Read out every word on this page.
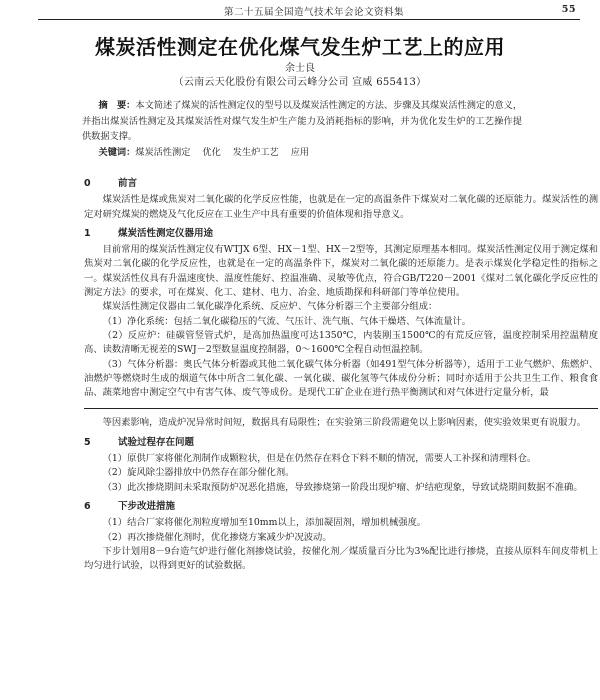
第二十五届全国造气技术年会论文资料集	55
煤炭活性测定在优化煤气发生炉工艺上的应用
余士良
（云南云天化股份有限公司云峰分公司 宣威 655413）
摘　要：本文简述了煤炭的活性测定仪的型号以及煤炭活性测定的方法、步骤及其煤炭活性测定的意义，并指出煤炭活性测定及其煤炭活性对煤气发生炉生产能力及消耗指标的影响，并为优化发生炉的工艺操作提供数据支撑。
关键词：煤炭活性测定 优化 发生炉工艺 应用
0	前言

煤炭活性是煤或焦炭对二氧化碳的化学反应性能，也就是在一定的高温条件下煤炭对二氧化碳的还原能力。煤炭活性的测定对研究煤炭的燃烧及气化反应在工业生产中具有重要的价值体现和指导意义。

1	煤炭活性测定仪器用途

目前常用的煤炭活性测定仪有WTJX 6型、HX－1型、HX－2型等，其测定原理基本相同。煤炭活性测定仪用于测定煤和焦炭对二氧化碳的化学反应性，也就是在一定的高温条件下，煤炭对二氧化碳的还原能力。是表示煤炭化学稳定性的指标之一。煤炭活性仪具有升温速度快、温度性能好、控温准确、灵敏等优点，符合GB/T220－2001《煤对二氧化碳化学反应性的测定方法》的要求，可在煤炭、化工、建材、电力、冶金、地质勘探和科研部门等单位使用。

煤炭活性测定仪器由二氧化碳净化系统、反应炉、气体分析器三个主要部分组成：

（1）净化系统：包括二氧化碳稳压的气流、气压计、洗气瓶、气体干燥塔、气体流量计。

（2）反应炉：硅碳管竖管式炉，是高加热温度可达1350℃，内装刚玉1500℃的有荒反应管，温度控制采用控温精度高、读数清晰无视差的SWJ－2型数显温度控制器，0～1600℃全程自动恒温控制。

（3）气体分析器：奥氏气体分析器或其他二氧化碳气体分析器（如491型气体分析器等），适用于工业气燃炉、焦燃炉、油燃炉等燃烧时生成的烟道气体中所含二氧化碳、一氧化碳、碳化氢等气体成份分析；同时亦适用于公共卫生工作、粮食食品、蔬菜地窖中测定空气中有害气体、废气等成份。是现代工矿企业在进行热平衡测试和对气体进行定量分析，最

等因素影响，造成炉况异常时间短，数据具有局限性；在实验第三阶段需避免以上影响因素，使实验效果更有说服力。

5	试验过程存在问题

（1）原供厂家将催化剂制作成颗粒状，但是在仍然存在料仓下料不顺的情况，需要人工补探和清理料仓。

（2）旋风除尘器排放中仍然存在部分催化剂。

（3）此次掺烧期间未采取预防炉况恶化措施，导致掺烧第一阶段出现炉瘤、炉结疤现象，导致试烧期间数据不准确。

6	下步改进措施

（1）结合厂家将催化剂粒度增加至10mm以上，添加凝固剂，增加机械强度。

（2）再次掺烧催化剂时，优化掺烧方案减少炉况波动。

下步计划用8－9台造气炉进行催化剂掺烧试验，按催化剂／煤质量百分比为3%配比进行掺烧，直接从原料车间皮带机上均匀进行试验，以得到更好的试验数据。
